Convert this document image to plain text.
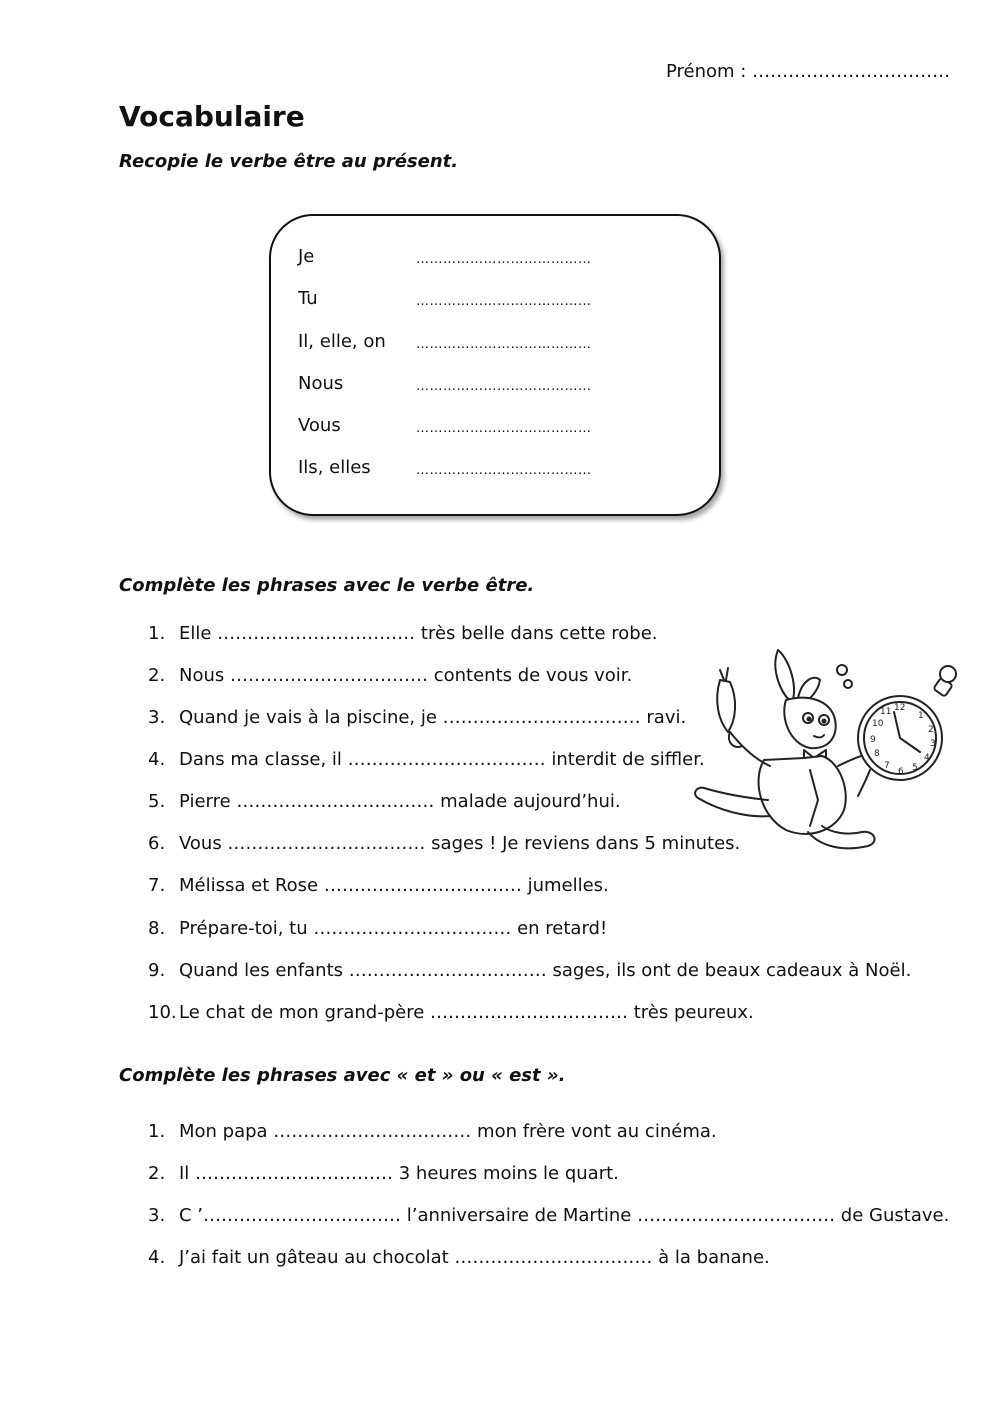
Prénom : ……………………………
Vocabulaire
Recopie le verbe être au présent.
Je	…………………………………
Tu	…………………………………
Il, elle, on …………………………………
Nous	…………………………………
Vous	…………………………………
Ils, elles	…………………………………
Complète les phrases avec le verbe être.
1. Elle …………………………… très belle dans cette robe.
2. Nous …………………………… contents de vous voir.
3. Quand je vais à la piscine, je …………………………… ravi.
4. Dans ma classe, il …………………………… interdit de siffler.
5. Pierre …………………………… malade aujourd’hui.
6. Vous …………………………… sages ! Je reviens dans 5 minutes.
7. Mélissa et Rose …………………………… jumelles.
8. Prépare-toi, tu …………………………… en retard!
9. Quand les enfants …………………………… sages, ils ont de beaux cadeaux à Noël.
10. Le chat de mon grand-père …………………………… très peureux.
Complète les phrases avec « et » ou « est ».
1. Mon papa …………………………… mon frère vont au cinéma.
2. Il …………………………… 3 heures moins le quart.
3. C ’…………………………… l’anniversaire de Martine …………………………… de Gustave.
4. J’ai fait un gâteau au chocolat …………………………… à la banane.
12
1
2
3
4
5
6
7
8
9
10
11
